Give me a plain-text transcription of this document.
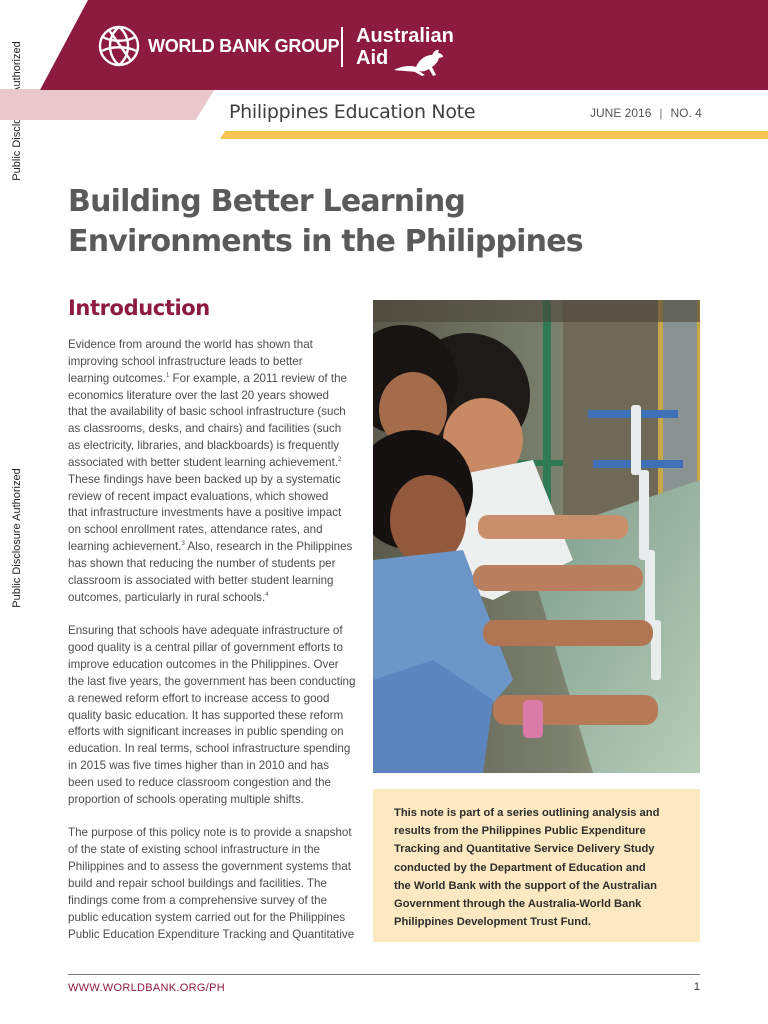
Public Disclosure Authorized
WORLD BANK GROUP Australian
Aid
Philippines Education Note	JUNE 2016 | NO. 4
Building Better Learning
Environments in the Philippines
Introduction
Evidence from around the world has shown that
improving school infrastructure leads to better
learning outcomes.$^1$ For example, a 2011 review of the
economics literature over the last 20 years showed
that the availability of basic school infrastructure (such
as classrooms, desks, and chairs) and facilities (such
as electricity, libraries, and blackboards) is frequently
associated with better student learning achievement.$^2$
These findings have been backed up by a systematic
review of recent impact evaluations, which showed
that infrastructure investments have a positive impact
on school enrollment rates, attendance rates, and
learning achievement.$^3$ Also, research in the Philippines
has shown that reducing the number of students per
classroom is associated with better student learning
outcomes, particularly in rural schools.$^4$
Ensuring that schools have adequate infrastructure of
good quality is a central pillar of government efforts to
improve education outcomes in the Philippines. Over
the last five years, the government has been conducting
a renewed reform effort to increase access to good
quality basic education. It has supported these reform
efforts with significant increases in public spending on
education. In real terms, school infrastructure spending
in 2015 was five times higher than in 2010 and has
been used to reduce classroom congestion and the
proportion of schools operating multiple shifts.
The purpose of this policy note is to provide a snapshot
of the state of existing school infrastructure in the
Philippines and to assess the government systems that
build and repair school buildings and facilities. The
findings come from a comprehensive survey of the
public education system carried out for the Philippines
Public Education Expenditure Tracking and Quantitative
This note is part of a series outlining analysis and
results from the Philippines Public Expenditure
Tracking and Quantitative Service Delivery Study
conducted by the Department of Education and
the World Bank with the support of the Australian
Government through the Australia-World Bank
Philippines Development Trust Fund.
WWW.WORLDBANK.ORG/PH	1
